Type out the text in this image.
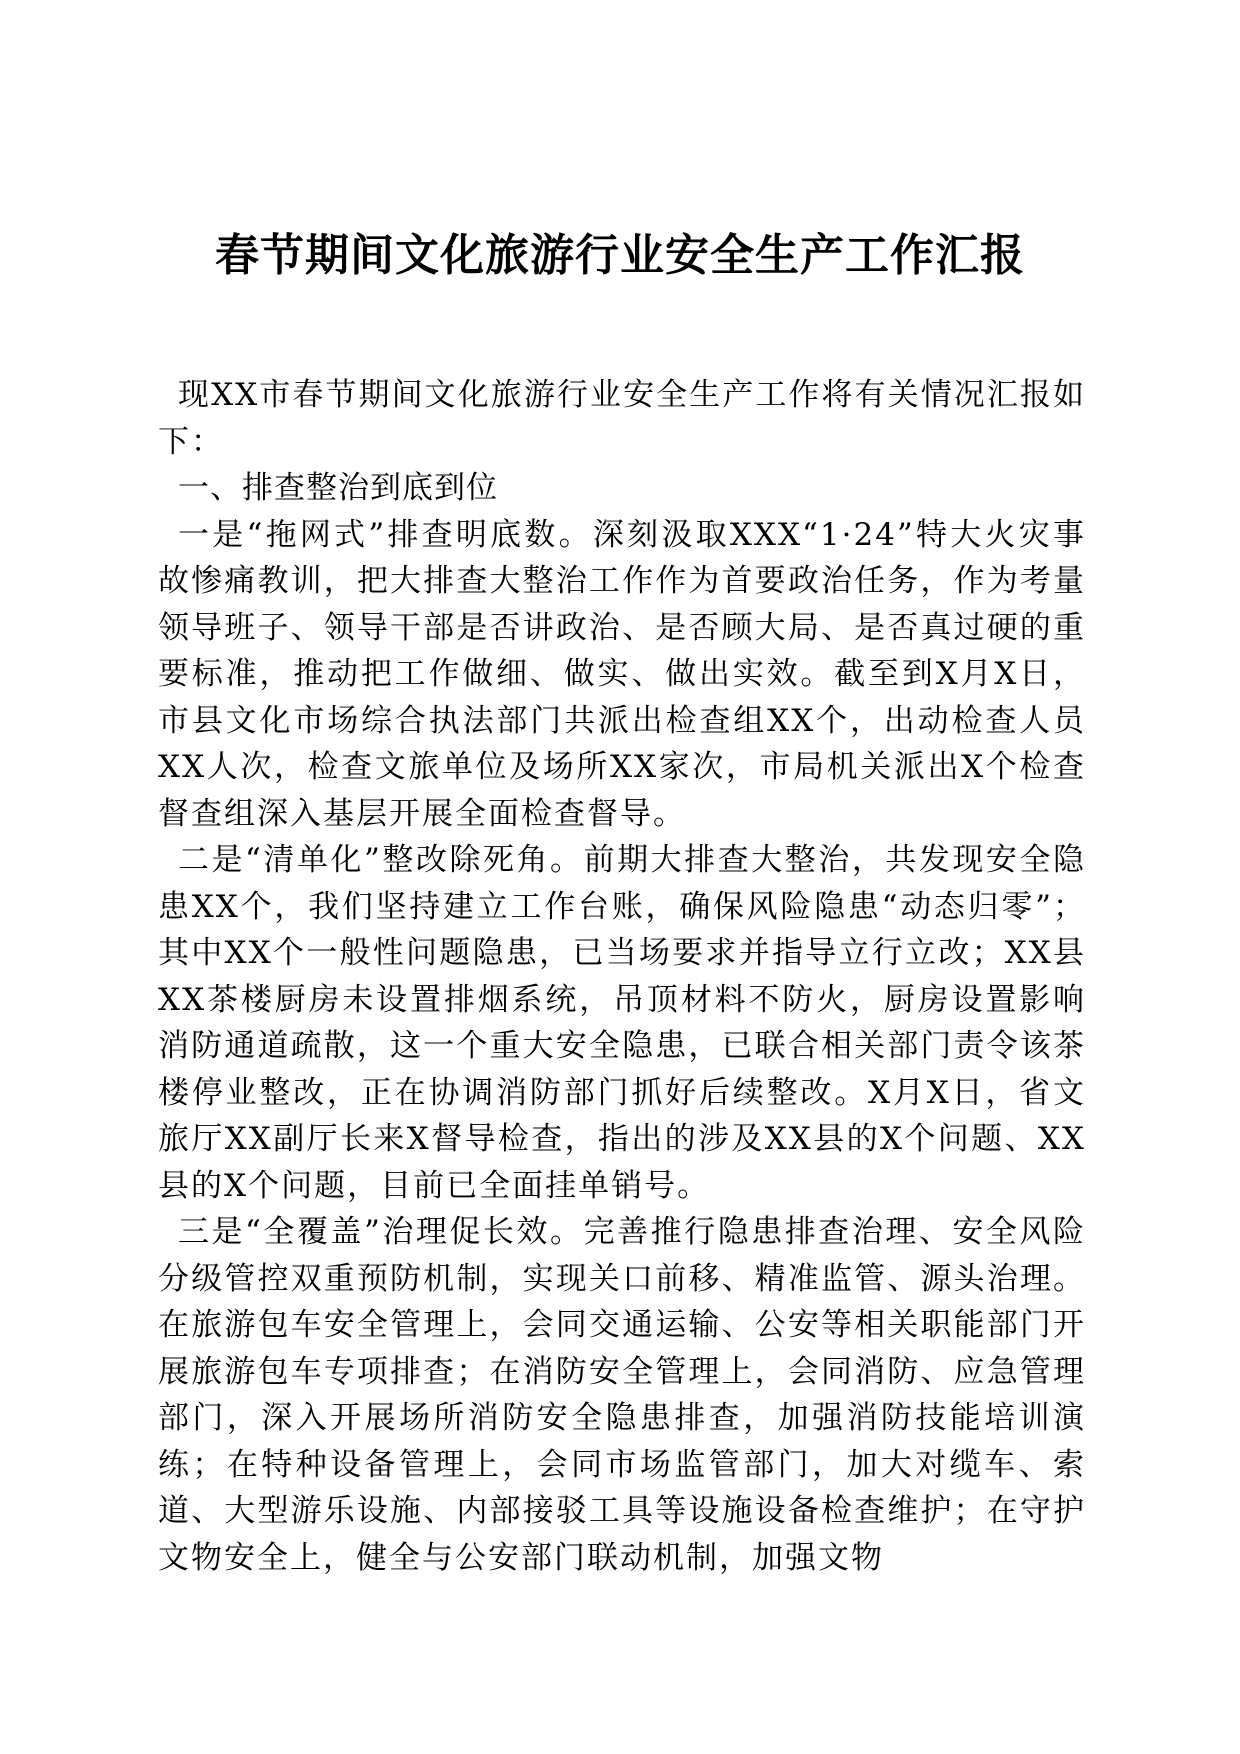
春节期间文化旅游行业安全生产工作汇报

现XX市春节期间文化旅游行业安全生产工作将有关情况汇报如下：

一、排查整治到底到位

一是“拖网式”排查明底数。深刻汲取XXX“1·24”特大火灾事故惨痛教训，把大排查大整治工作作为首要政治任务，作为考量领导班子、领导干部是否讲政治、是否顾大局、是否真过硬的重要标准，推动把工作做细、做实、做出实效。截至到X月X日，市县文化市场综合执法部门共派出检查组XX个，出动检查人员XX人次，检查文旅单位及场所XX家次，市局机关派出X个检查督查组深入基层开展全面检查督导。

二是“清单化”整改除死角。前期大排查大整治，共发现安全隐患XX个，我们坚持建立工作台账，确保风险隐患“动态归零”；其中XX个一般性问题隐患，已当场要求并指导立行立改；XX县XX茶楼厨房未设置排烟系统，吊顶材料不防火，厨房设置影响消防通道疏散，这一个重大安全隐患，已联合相关部门责令该茶楼停业整改，正在协调消防部门抓好后续整改。X月X日，省文旅厅XX副厅长来X督导检查，指出的涉及XX县的X个问题、XX县的X个问题，目前已全面挂单销号。

三是“全覆盖”治理促长效。完善推行隐患排查治理、安全风险分级管控双重预防机制，实现关口前移、精准监管、源头治理。在旅游包车安全管理上，会同交通运输、公安等相关职能部门开展旅游包车专项排查；在消防安全管理上，会同消防、应急管理部门，深入开展场所消防安全隐患排查，加强消防技能培训演练；在特种设备管理上，会同市场监管部门，加大对缆车、索道、大型游乐设施、内部接驳工具等设施设备检查维护；在守护文物安全上，健全与公安部门联动机制，加强文物
